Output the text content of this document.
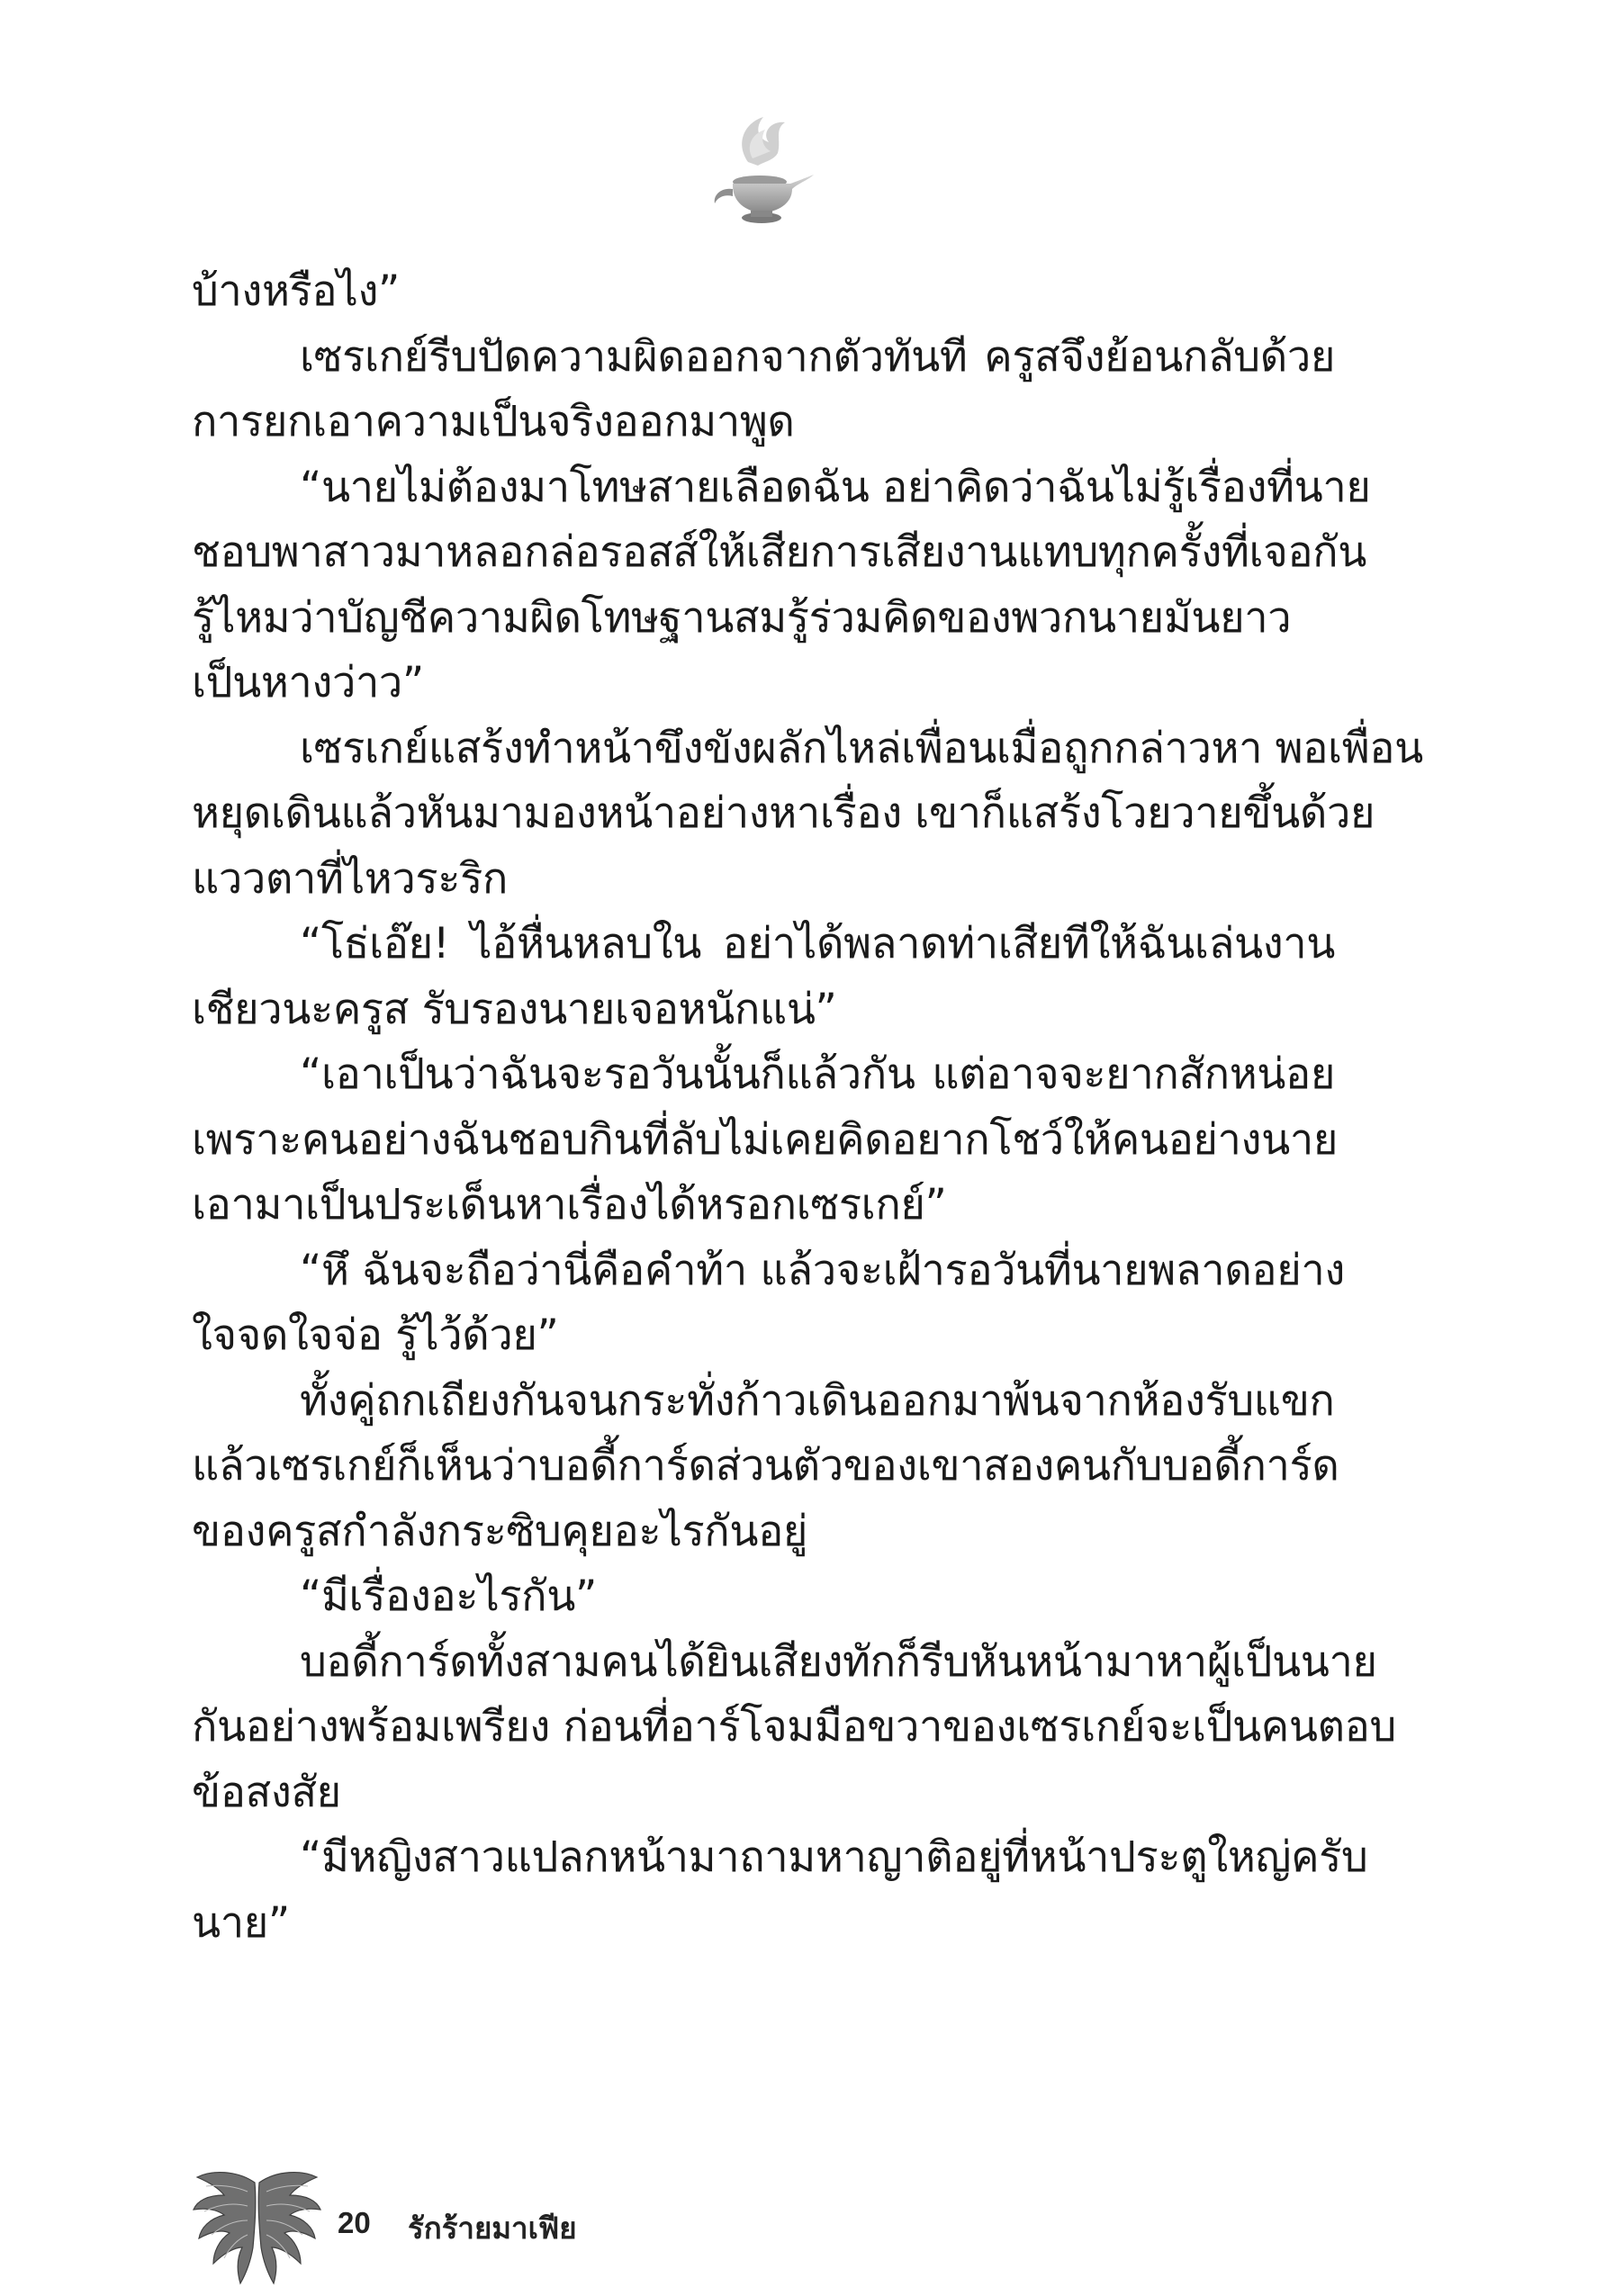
บ้างหรือไง”
เซรเกย์รีบปัดความผิดออกจากตัวทันที ครูสจึงย้อนกลับด้วย
การยกเอาความเป็นจริงออกมาพูด
“นายไม่ต้องมาโทษสายเลือดฉัน อย่าคิดว่าฉันไม่รู้เรื่องที่นาย
ชอบพาสาวมาหลอกล่อรอสส์ให้เสียการเสียงานแทบทุกครั้งที่เจอกัน
รู้ไหมว่าบัญชีความผิดโทษฐานสมรู้ร่วมคิดของพวกนายมันยาว
เป็นหางว่าว”
เซรเกย์แสร้งทำหน้าขึงขังผลักไหล่เพื่อนเมื่อถูกกล่าวหา พอเพื่อน
หยุดเดินแล้วหันมามองหน้าอย่างหาเรื่อง เขาก็แสร้งโวยวายขึ้นด้วย
แววตาที่ไหวระริก
“โธ่เอ๊ย! ไอ้หื่นหลบใน อย่าได้พลาดท่าเสียทีให้ฉันเล่นงาน
เชียวนะครูส รับรองนายเจอหนักแน่”
“เอาเป็นว่าฉันจะรอวันนั้นก็แล้วกัน แต่อาจจะยากสักหน่อย
เพราะคนอย่างฉันชอบกินที่ลับไม่เคยคิดอยากโชว์ให้คนอย่างนาย
เอามาเป็นประเด็นหาเรื่องได้หรอกเซรเกย์”
“หึ ฉันจะถือว่านี่คือคำท้า แล้วจะเฝ้ารอวันที่นายพลาดอย่าง
ใจจดใจจ่อ รู้ไว้ด้วย”
ทั้งคู่ถกเถียงกันจนกระทั่งก้าวเดินออกมาพ้นจากห้องรับแขก
แล้วเซรเกย์ก็เห็นว่าบอดี้การ์ดส่วนตัวของเขาสองคนกับบอดี้การ์ด
ของครูสกำลังกระซิบคุยอะไรกันอยู่
“มีเรื่องอะไรกัน”
บอดี้การ์ดทั้งสามคนได้ยินเสียงทักก็รีบหันหน้ามาหาผู้เป็นนาย
กันอย่างพร้อมเพรียง ก่อนที่อาร์โจมมือขวาของเซรเกย์จะเป็นคนตอบ
ข้อสงสัย
“มีหญิงสาวแปลกหน้ามาถามหาญาติอยู่ที่หน้าประตูใหญ่ครับ
นาย”
20 รักร้ายมาเฟีย
